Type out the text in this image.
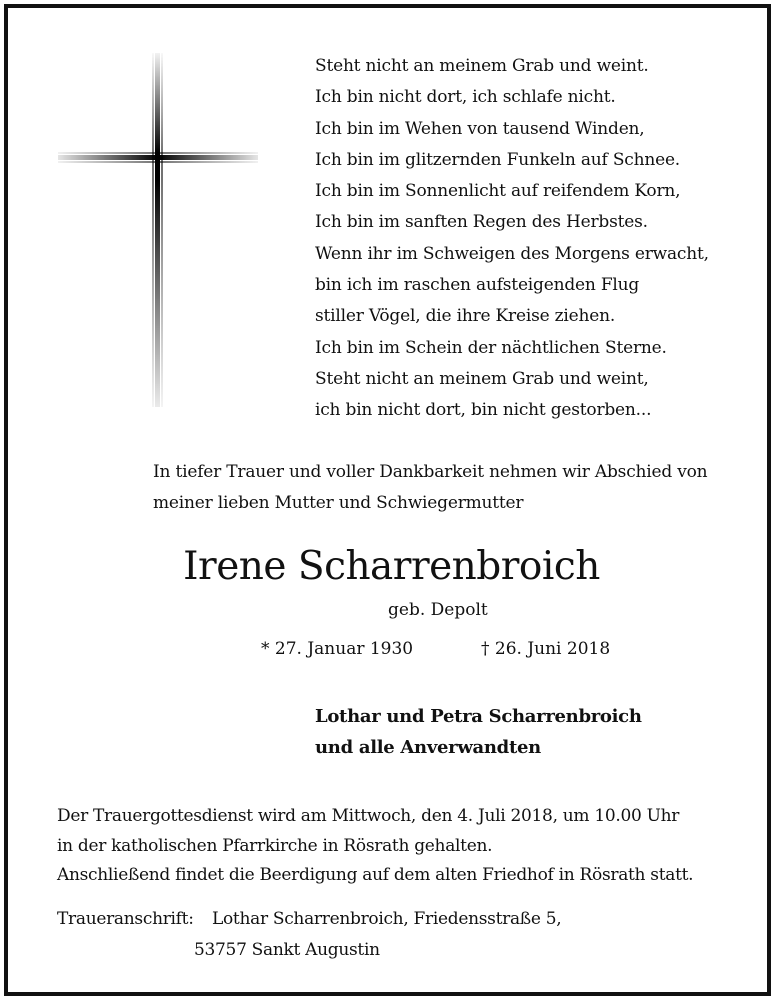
Steht nicht an meinem Grab und weint.
Ich bin nicht dort, ich schlafe nicht.
Ich bin im Wehen von tausend Winden,
Ich bin im glitzernden Funkeln auf Schnee.
Ich bin im Sonnenlicht auf reifendem Korn,
Ich bin im sanften Regen des Herbstes.
Wenn ihr im Schweigen des Morgens erwacht,
bin ich im raschen aufsteigenden Flug
stiller Vögel, die ihre Kreise ziehen.
Ich bin im Schein der nächtlichen Sterne.
Steht nicht an meinem Grab und weint,
ich bin nicht dort, bin nicht gestorben...
In tiefer Trauer und voller Dankbarkeit nehmen wir Abschied von
meiner lieben Mutter und Schwiegermutter
Irene Scharrenbroich
geb. Depolt
* 27. Januar 1930	† 26. Juni 2018
Lothar und Petra Scharrenbroich
und alle Anverwandten
Der Trauergottesdienst wird am Mittwoch, den 4. Juli 2018, um 10.00 Uhr
in der katholischen Pfarrkirche in Rösrath gehalten.
Anschließend findet die Beerdigung auf dem alten Friedhof in Rösrath statt.
Traueranschrift: Lothar Scharrenbroich, Friedensstraße 5,
53757 Sankt Augustin
